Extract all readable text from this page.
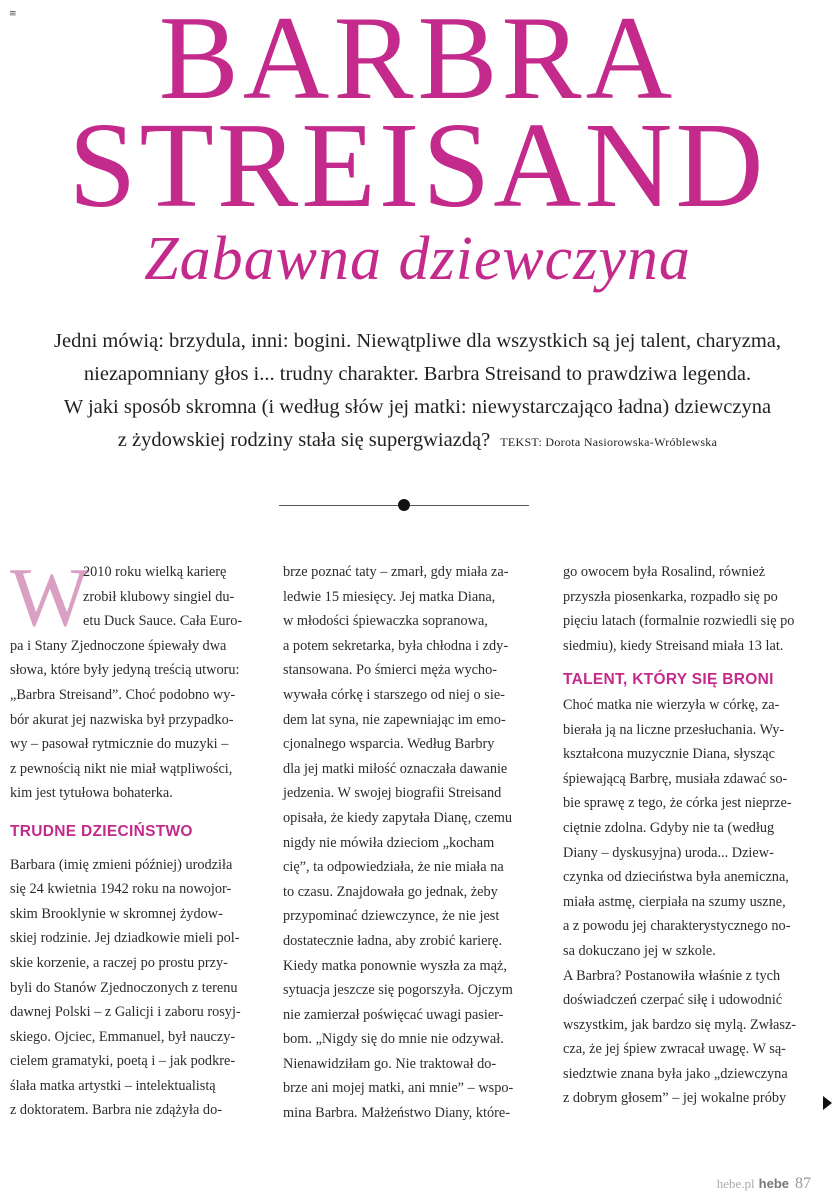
≡	BARBRA
STREISAND
Zabawna dziewczyna
Jedni mówią: brzydula, inni: bogini. Niewątpliwe dla wszystkich są jej talent, charyzma,
niezapomniany głos i... trudny charakter. Barbra Streisand to prawdziwa legenda.
W jaki sposób skromna (i według słów jej matki: niewystarczająco ładna) dziewczyna
z żydowskiej rodziny stała się supergwiazdą? TEKST: Dorota Nasiorowska-Wróblewska
W
2010 roku wielką karierę
zrobił klubowy singiel du-
etu Duck Sauce. Cała Euro-
pa i Stany Zjednoczone śpiewały dwa
słowa, które były jedyną treścią utworu:
„Barbra Streisand”. Choć podobno wy-
bór akurat jej nazwiska był przypadko-
wy – pasował rytmicznie do muzyki –
z pewnością nikt nie miał wątpliwości,
kim jest tytułowa bohaterka.
TRUDNE DZIECIŃSTWO
Barbara (imię zmieni później) urodziła
się 24 kwietnia 1942 roku na nowojor-
skim Brooklynie w skromnej żydow-
skiej rodzinie. Jej dziadkowie mieli pol-
skie korzenie, a raczej po prostu przy-
byli do Stanów Zjednoczonych z terenu
dawnej Polski – z Galicji i zaboru rosyj-
skiego. Ojciec, Emmanuel, był nauczy-
cielem gramatyki, poetą i – jak podkre-
ślała matka artystki – intelektualistą
z doktoratem. Barbra nie zdążyła do-
brze poznać taty – zmarł, gdy miała za-
ledwie 15 miesięcy. Jej matka Diana,
w młodości śpiewaczka sopranowa,
a potem sekretarka, była chłodna i zdy-
stansowana. Po śmierci męża wycho-
wywała córkę i starszego od niej o sie-
dem lat syna, nie zapewniając im emo-
cjonalnego wsparcia. Według Barbry
dla jej matki miłość oznaczała dawanie
jedzenia. W swojej biografii Streisand
opisała, że kiedy zapytała Dianę, czemu
nigdy nie mówiła dzieciom „kocham
cię”, ta odpowiedziała, że nie miała na
to czasu. Znajdowała go jednak, żeby
przypominać dziewczynce, że nie jest
dostatecznie ładna, aby zrobić karierę.
Kiedy matka ponownie wyszła za mąż,
sytuacja jeszcze się pogorszyła. Ojczym
nie zamierzał poświęcać uwagi pasier-
bom. „Nigdy się do mnie nie odzywał.
Nienawidziłam go. Nie traktował do-
brze ani mojej matki, ani mnie” – wspo-
mina Barbra. Małżeństwo Diany, które-
go owocem była Rosalind, również
przyszła piosenkarka, rozpadło się po
pięciu latach (formalnie rozwiedli się po
siedmiu), kiedy Streisand miała 13 lat.
TALENT, KTÓRY SIĘ BRONI
Choć matka nie wierzyła w córkę, za-
bierała ją na liczne przesłuchania. Wy-
kształcona muzycznie Diana, słysząc
śpiewającą Barbrę, musiała zdawać so-
bie sprawę z tego, że córka jest nieprze-
ciętnie zdolna. Gdyby nie ta (według
Diany – dyskusyjna) uroda... Dziew-
czynka od dzieciństwa była anemiczna,
miała astmę, cierpiała na szumy uszne,
a z powodu jej charakterystycznego no-
sa dokuczano jej w szkole.
A Barbra? Postanowiła właśnie z tych
doświadczeń czerpać siłę i udowodnić
wszystkim, jak bardzo się mylą. Zwłasz-
cza, że jej śpiew zwracał uwagę. W są-
siedztwie znana była jako „dziewczyna
z dobrym głosem” – jej wokalne próby
hebe.pl hebe 87
